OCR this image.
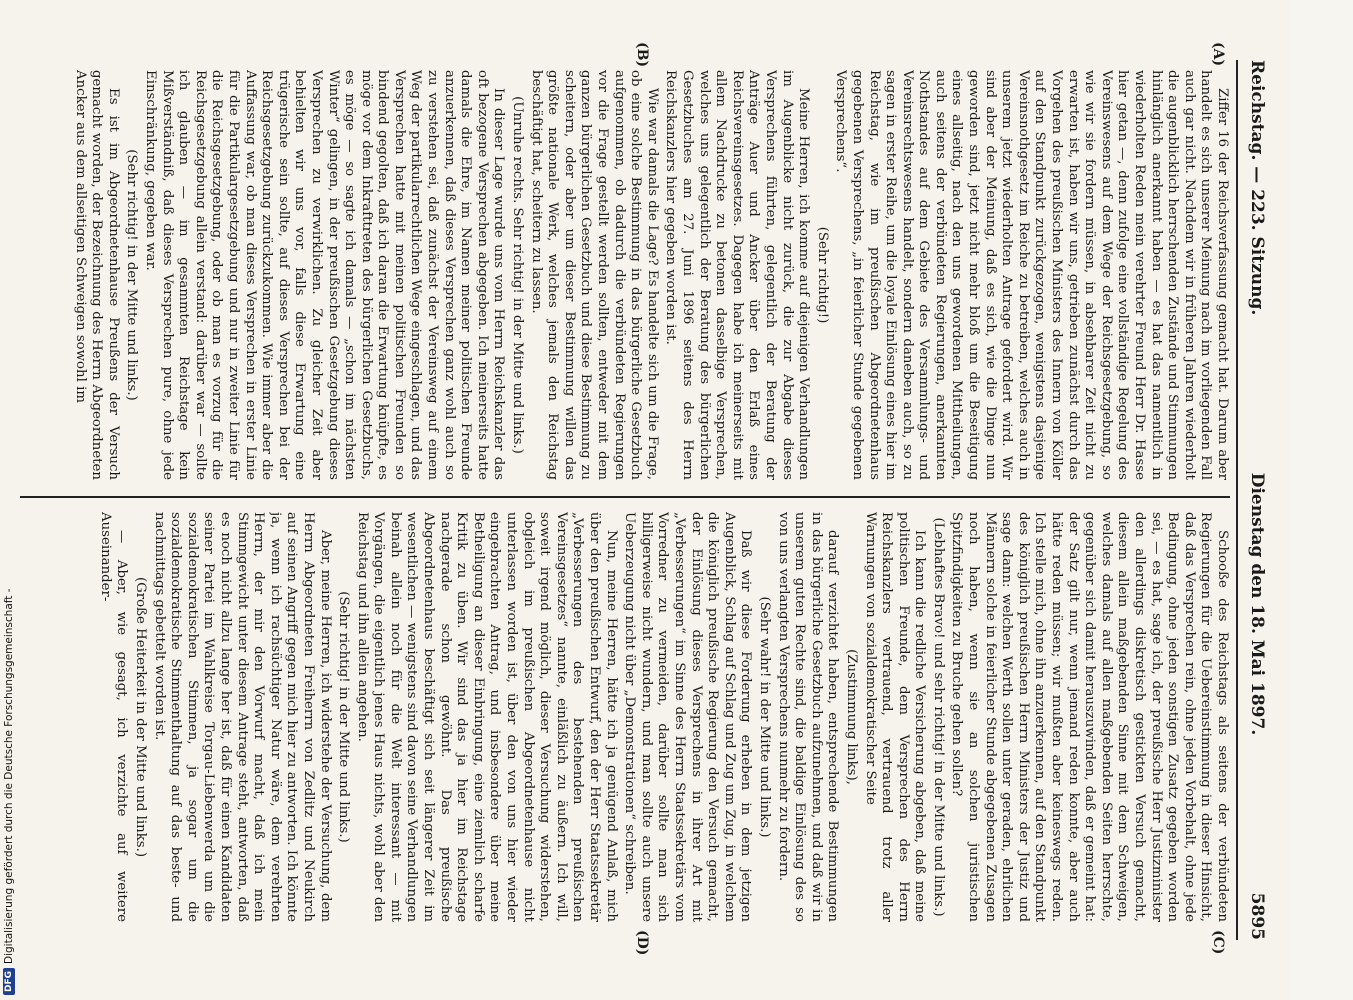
Reichstag. — 223. Sitzung.
Dienstag den 18. Mai 1897.
5895
(A)
(B)
(C)
(D)

Ziffer 16 der Reichsverfassung gemacht hat. Darum aber handelt es sich unserer Meinung nach im vorliegenden Fall auch gar nicht. Nachdem wir in früheren Jahren wiederholt die augenblicklich herrschenden Zustände und Stimmungen hinlänglich anerkannt haben — es hat das namentlich in wiederholten Reden mein verehrter Freund Herr Dr. Hasse hier getan —, denn zufolge eine vollständige Regelung des Vereinswesens auf dem Wege der Reichsgesetzgebung, so wie wir sie fordern müssen, in absehbarer Zeit nicht zu erwarten ist, haben wir uns, getrieben zunächst durch das Vorgehen des preußischen Ministers des Innern von Köller auf den Standpunkt zurückgezogen, wenigstens dasjenige Vereinsnothgesetz im Reiche zu betreiben, welches auch in unserem jetzt wiederholten Antrage gefordert wird. Wir sind aber der Meinung, daß es sich, wie die Dinge nun geworden sind, jetzt nicht mehr bloß um die Beseitigung eines allseitig, nach den uns gewordenen Mittheilungen, auch seitens der verbündeten Regierungen, anerkannten Nothstandes auf dem Gebiete des Versammlungs- und Vereinsrechtswesens handelt, sondern daneben auch, so zu sagen in erster Reihe, um die loyale Einlösung eines hier im Reichstag, wie im preußischen Abgeordnetenhaus gegebenen Versprechens, „in feierlicher Stunde gegebenen Versprechens“.

(Sehr richtig!)

Meine Herren, ich komme auf diejenigen Verhandlungen im Augenblicke nicht zurück, die zur Abgabe dieses Versprechens führten, gelegentlich der Beratung der Anträge Auer und Ancker über den Erlaß eines Reichsvereinsgesetzes. Dagegen habe ich meinerseits mit allem Nachdrucke zu betonen dasselbige Versprechen, welches uns gelegentlich der Beratung des bürgerlichen Gesetzbuches am 27. Juni 1896 seitens des Herrn Reichskanzlers hier gegeben worden ist.

Wie war damals die Lage? Es handelte sich um die Frage, ob eine solche Bestimmung in das bürgerliche Gesetzbuch aufgenommen, ob dadurch die verbündeten Regierungen vor die Frage gestellt werden sollten, entweder mit dem ganzen bürgerlichen Gesetzbuch und diese Bestimmung zu scheitern, oder aber um dieser Bestimmung willen das größte nationale Werk, welches jemals den Reichstag beschäftigt hat, scheitern zu lassen.

(Unruhe rechts. Sehr richtig! in der Mitte und links.)

In dieser Lage wurde uns vom Herrn Reichskanzler das oft bezogene Versprechen abgegeben. Ich meinerseits hatte damals die Ehre, im Namen meiner politischen Freunde anzuerkennen, daß dieses Versprechen ganz wohl auch so zu verstehen sei, daß zunächst der Vereinsweg auf einem Weg der partikularrechtlichen Wege eingeschlagen, und das Versprechen hatte mit meinen politischen Freunden so bindend gegolten, daß ich daran die Erwartung knüpfte, es möge vor dem Inkrafttreten des bürgerlichen Gesetzbuchs, es möge — so sagte ich damals — „schon im nächsten Winter“ gelingen, in der preußischen Gesetzgebung dieses Versprechen zu verwirklichen. Zu gleicher Zeit aber behielten wir uns vor, falls diese Erwartung eine trügerische sein sollte, auf dieses Versprechen bei der Reichsgesetzgebung zurückzukommen. Wie immer aber die Auffassung war, ob man dieses Versprechen in erster Linie für die Partikulargesetzgebung und nur in zweiter Linie für die Reichsgesetzgebung, oder ob man es vorzug für die Reichsgesetzgebung allein verstand: darüber war — sollte ich glauben — im gesammten Reichstage kein Mißverständniß, daß dieses Versprechen pure, ohne jede Einschränkung, gegeben war.

(Sehr richtig! in der Mitte und links.)

Es ist im Abgeordnetenhause Preußens der Versuch gemacht worden, der Bezeichnung des Herrn Abgeordneten Ancker aus dem allseitigen Schweigen sowohl im

Schooße des Reichstags als seitens der verbündeten Regierungen für die Uebereinstimmung in dieser Hinsicht, daß das Versprechen rein, ohne jeden Vorbehalt, ohne jede Bedingung, ohne jeden sonstigen Zusatz gegeben worden sei, — es hat, sage ich, der preußische Herr Justizminister den allerdings diskretisch gestickten Versuch gemacht, diesem allein maßgebenden Sinne mit dem Schweigen, welches damals auf allen maßgebenden Seiten herrschte, gegenüber sich damit herauszuwinden, daß er gemeint hat: der Satz gilt nur, wenn jemand reden konnte, aber auch hätte reden müssen; wir mußten aber keineswegs reden. Ich stelle mich, ohne ihn anzuerkennen, auf den Standpunkt des königlich preußischen Herrn Ministers der Justiz und sage dann: welchen Werth sollen unter geraden, ehrlichen Männern solche in feierlicher Stunde abgegebenen Zusagen noch haben, wenn sie an solchen juristischen Spitzfindigkeiten zu Bruche gehen sollen?

(Lebhaftes Bravo! und sehr richtig! in der Mitte und links.)

Ich kann die redliche Versicherung abgeben, daß meine politischen Freunde, dem Versprechen des Herrn Reichskanzlers vertrauend, vertrauend trotz aller Warnungen von sozialdemokratischer Seite

(Zustimmung links),

darauf verzichtet haben, entsprechende Bestimmungen in das bürgerliche Gesetzbuch aufzunehmen, und daß wir in unserem guten Rechte sind, die baldige Einlösung des so von uns verlangten Versprechens nunmehr zu fordern.

(Sehr wahr! in der Mitte und links.)

Daß wir diese Forderung erheben in dem jetzigen Augenblick, Schlag auf Schlag und Zug um Zug, in welchem die königlich preußische Regierung den Versuch gemacht, der Einlösung dieses Versprechens in ihrer Art mit „Verbesserungen“ im Sinne des Herrn Staatssekretärs vom Vorredner zu vermeiden, darüber sollte man sich billigerweise nicht wundern, und man sollte auch unsere Ueberzeugung nicht über „Demonstrationen“ schreiben.

Nun, meine Herren, hätte ich ja genügend Anlaß, mich über den preußischen Entwurf, den der Herr Staatssekretär „Verbesserungen des bestehenden preußischen Vereinsgesetzes“ nannte, einläßlich zu äußern. Ich will, soweit irgend möglich, dieser Versuchung widerstehen, obgleich im preußischen Abgeordnetenhause nicht unterlassen worden ist, über den von uns hier wieder eingebrachten Antrag, und insbesondere über meine Betheiligung an dieser Einbringung, eine ziemlich scharfe Kritik zu üben. Wir sind das ja hier im Reichstage nachgerade schon gewöhnt. Das preußische Abgeordnetenhaus beschäftigt sich seit längerer Zeit im wesentlichen — wenigstens sind davon seine Verhandlungen beinah allein noch für die Welt interessant — mit Vorgängen, die eigentlich jenes Haus nichts, wohl aber den Reichstag und ihn allein angehen.

(Sehr richtig! in der Mitte und links.)

Aber, meine Herren, ich widerstehe der Versuchung, dem Herrn Abgeordneten Freiherrn von Zedlitz und Neukirch auf seinen Angriff gegen mich hier zu antworten. Ich könnte ja, wenn ich rachsüchtiger Natur wäre, dem verehrten Herrn, der mir den Vorwurf macht, daß ich mein Stimmgewicht unter diesem Antrage steht, antworten, daß es noch nicht allzu lange her ist, daß für einen Kandidaten seiner Partei im Wahlkreise Torgau-Liebenwerda um die sozialdemokratischen Stimmen, ja sogar um die sozialdemokratische Stimmenthaltung auf das beste- und nachmittags gebettelt worden ist.

(Große Heiterkeit in der Mitte und links.)

— Aber, wie gesagt, ich verzichte auf weitere Auseinander-

DFG
Digitalisierung gefördert durch die Deutsche Forschungsgemeinschaft -
